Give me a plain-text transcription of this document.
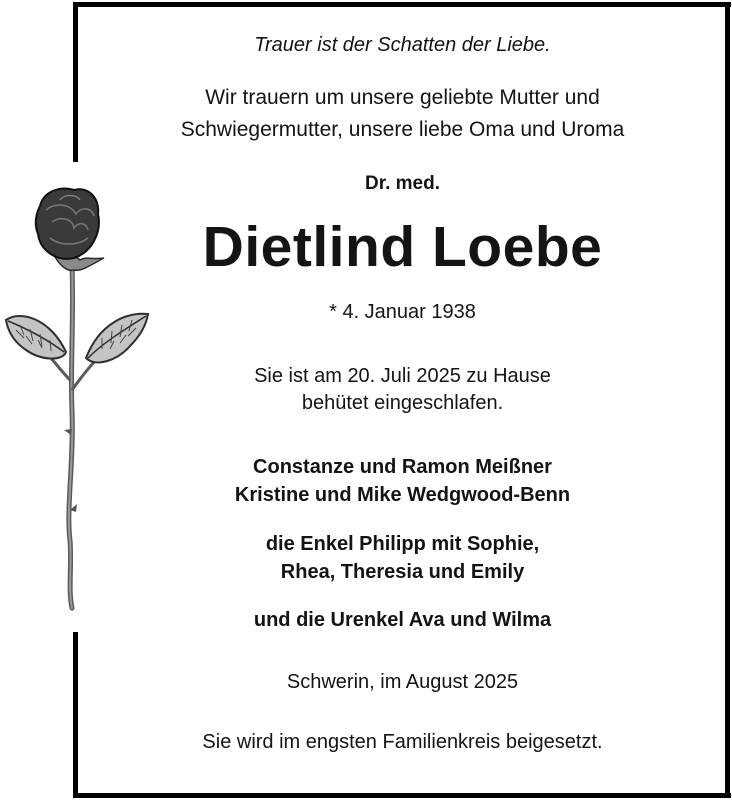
Trauer ist der Schatten der Liebe.
Wir trauern um unsere geliebte Mutter und
Schwiegermutter, unsere liebe Oma und Uroma
Dr. med.
Dietlind Loebe
* 4. Januar 1938
Sie ist am 20. Juli 2025 zu Hause
behütet eingeschlafen.
Constanze und Ramon Meißner
Kristine und Mike Wedgwood-Benn
die Enkel Philipp mit Sophie,
Rhea, Theresia und Emily
und die Urenkel Ava und Wilma
Schwerin, im August 2025
Sie wird im engsten Familienkreis beigesetzt.
